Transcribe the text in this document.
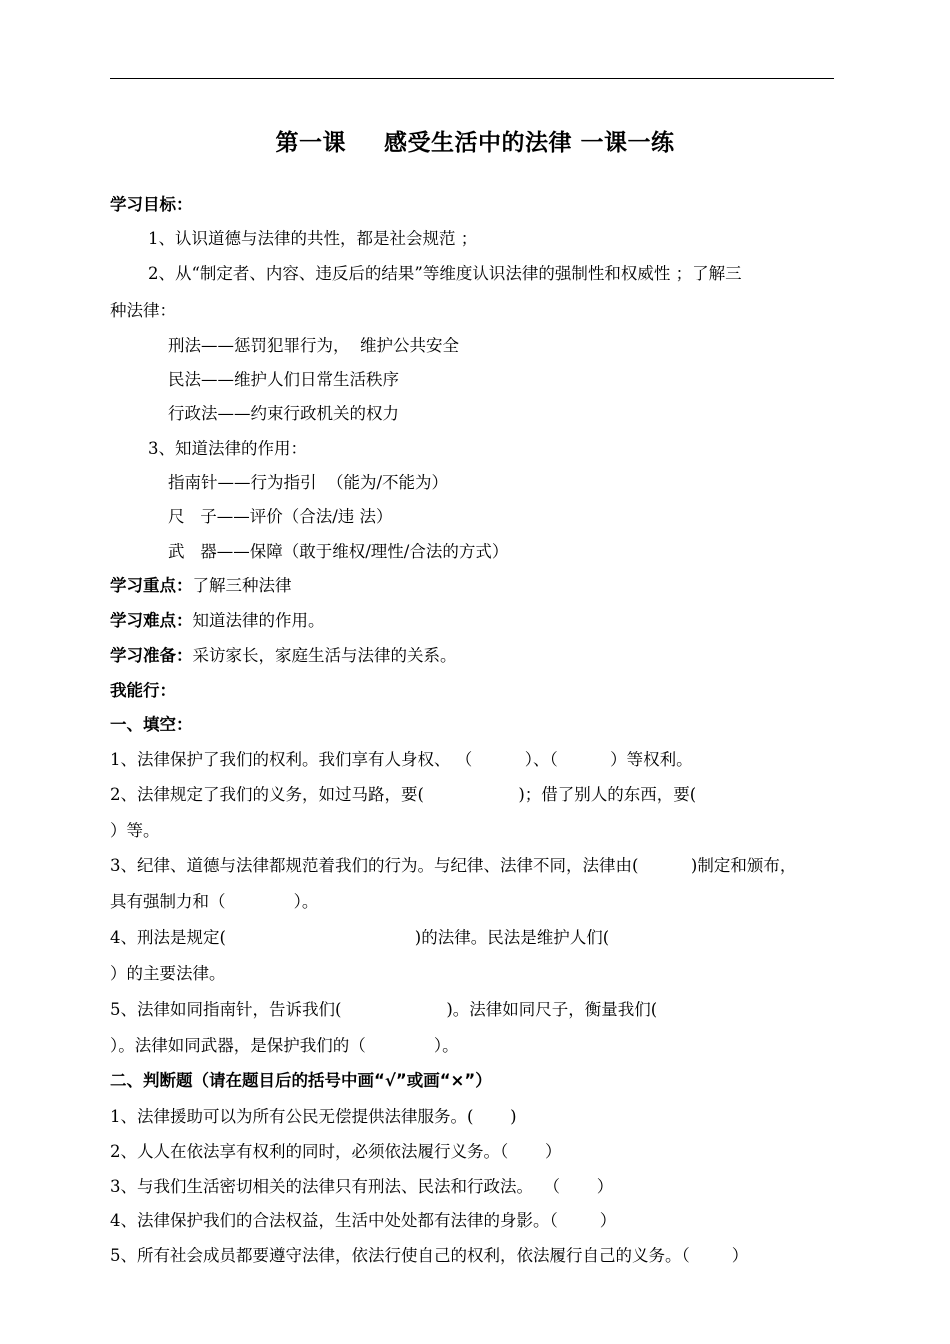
第一课 感受生活中的法律 一课一练
学习目标：
1、认识道德与法律的共性，都是社会规范 ；
2、从“制定者、内容、违反后的结果”等维度认识法律的强制性和权威性 ；了解三
种法律：
刑法——惩罚犯罪行为，  维护公共安全
民法——维护人们日常生活秩序
行政法——约束行政机关的权力
3、知道法律的作用：
指南针——行为指引  （能为/不能为）
尺   子——评价（合法/违 法）
武   器——保障（敢于维权/理性/合法的方式）
学习重点：了解三种法律
学习难点：知道法律的作用。
学习准备：采访家长，家庭生活与法律的关系。
我能行：
一、填空：
1、法律保护了我们的权利。我们享有人身权、 （          ）、（          ）等权利。
2、法律规定了我们的义务，如过马路，要(                  )；借了别人的东西，要(
）等。
3、纪律、道德与法律都规范着我们的行为。与纪律、法律不同，法律由(          )制定和颁布，
具有强制力和（             ）。
4、刑法是规定(                                    )的法律。民法是维护人们(
）的主要法律。
5、法律如同指南针，告诉我们(                    )。法律如同尺子，衡量我们(
）。法律如同武器，是保护我们的（             ）。
二、判断题（请在题目后的括号中画“√”或画“×”）
1、法律援助可以为所有公民无偿提供法律服务。(       )
2、人人在依法享有权利的同时，必须依法履行义务。（       ）
3、与我们生活密切相关的法律只有刑法、民法和行政法。  （       ）
4、法律保护我们的合法权益，生活中处处都有法律的身影。（        ）
5、所有社会成员都要遵守法律，依法行使自己的权利，依法履行自己的义务。（        ）
